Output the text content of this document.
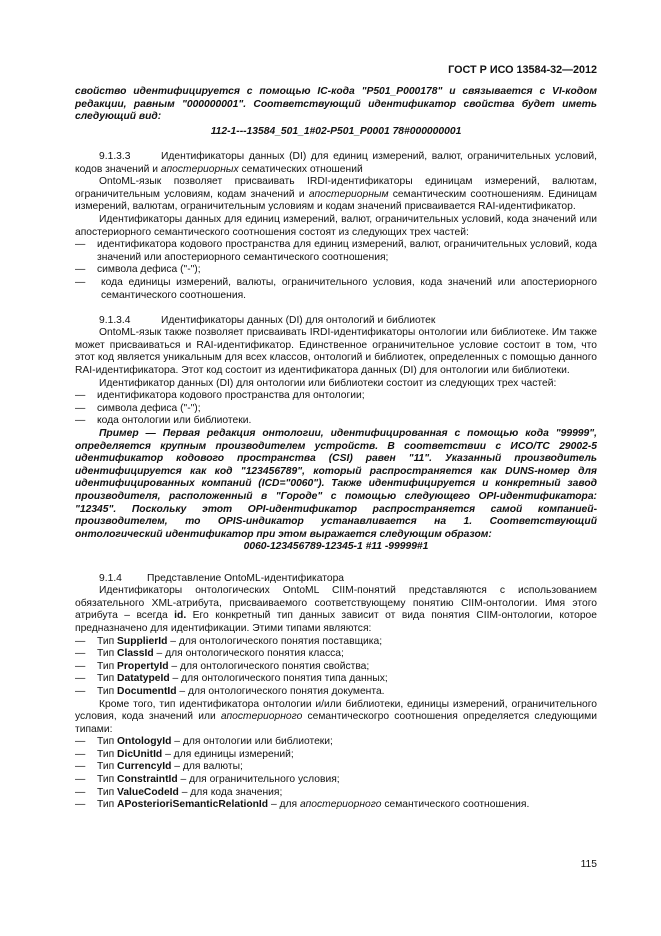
ГОСТ Р ИСО 13584-32—2012

свойство идентифицируется с помощью IC-кода "P501_P000178" и связывается с VI-кодом редакции, равным "000000001". Соответствующий идентификатор свойства будет иметь следующий вид:

112-1---13584_501_1#02-P501_P0001 78#000000001

9.1.3.3	Идентификаторы данных (DI) для единиц измерений, валют, ограничительных условий, кодов значений и апостериорных сематических отношений

OntoML-язык позволяет присваивать IRDI-идентификаторы единицам измерений, валютам, ограничительным условиям, кодам значений и апостериорным семантическим соотношениям. Единицам измерений, валютам, ограничительным условиям и кодам значений присваивается RAI-идентификатор.

Идентификаторы данных для единиц измерений, валют, ограничительных условий, кода значений или апостериорного семантического соотношения состоят из следующих трех частей:

— идентификатора кодового пространства для единиц измерений, валют, ограничительных условий, кода значений или апостериорного семантического соотношения;
— символа дефиса ("-");
— кода единицы измерений, валюты, ограничительного условия, кода значений или апостериорного семантического соотношения.

9.1.3.4	Идентификаторы данных (DI) для онтологий и библиотек

OntoML-язык также позволяет присваивать IRDI-идентификаторы онтологии или библиотеке. Им также может присваиваться и RAI-идентификатор. Единственное ограничительное условие состоит в том, что этот код является уникальным для всех классов, онтологий и библиотек, определенных с помощью данного RAI-идентификатора. Этот код состоит из идентификатора данных (DI) для онтологии или библиотеки.

Идентификатор данных (DI) для онтологии или библиотеки состоит из следующих трех частей:

— идентификатора кодового пространства для онтологии;
— символа дефиса ("-");
— кода онтологии или библиотеки.

Пример — Первая редакция онтологии, идентифицированная с помощью кода "99999", определяется крупным производителем устройств. В соответствии с ИСО/ТС 29002-5 идентификатор кодового пространства (CSI) равен "11". Указанный производитель идентифицируется как код "123456789", который распространяется как DUNS-номер для идентифицированных компаний (ICD="0060"). Также идентифицируется и конкретный завод производителя, расположенный в "Городе" с помощью следующего OPI-идентификатора: "12345". Поскольку этот OPI-идентификатор распространяется самой компанией-производителем, то OPIS-индикатор устанавливается на 1. Соответствующий онтологический идентификатор при этом выражается следующим образом:

0060-123456789-12345-1 #11 -99999#1

9.1.4 Представление OntoML-идентификатора

Идентификаторы онтологических OntoML CIIM-понятий представляются с использованием обязательного XML-атрибута, присваиваемого соответствующему понятию CIIM-онтологии. Имя этого атрибута – всегда id. Его конкретный тип данных зависит от вида понятия CIIM-онтологии, которое предназначено для идентификации. Этими типами являются:

— Тип SupplierId – для онтологического понятия поставщика;
— Тип ClassId – для онтологического понятия класса;
— Тип PropertyId – для онтологического понятия свойства;
— Тип DatatypeId – для онтологического понятия типа данных;
— Тип DocumentId – для онтологического понятия документа.

Кроме того, тип идентификатора онтологии и/или библиотеки, единицы измерений, ограничительного условия, кода значений или апостериорного семантическогро соотношения определяется следующими типами:

— Тип OntologyId – для онтологии или библиотеки;
— Тип DicUnitId – для единицы измерений;
— Тип CurrencyId – для валюты;
— Тип ConstraintId – для ограничительного условия;
— Тип ValueCodeId – для кода значения;
— Тип APosterioriSemanticRelationId – для апостериорного семантического соотношения.
115
